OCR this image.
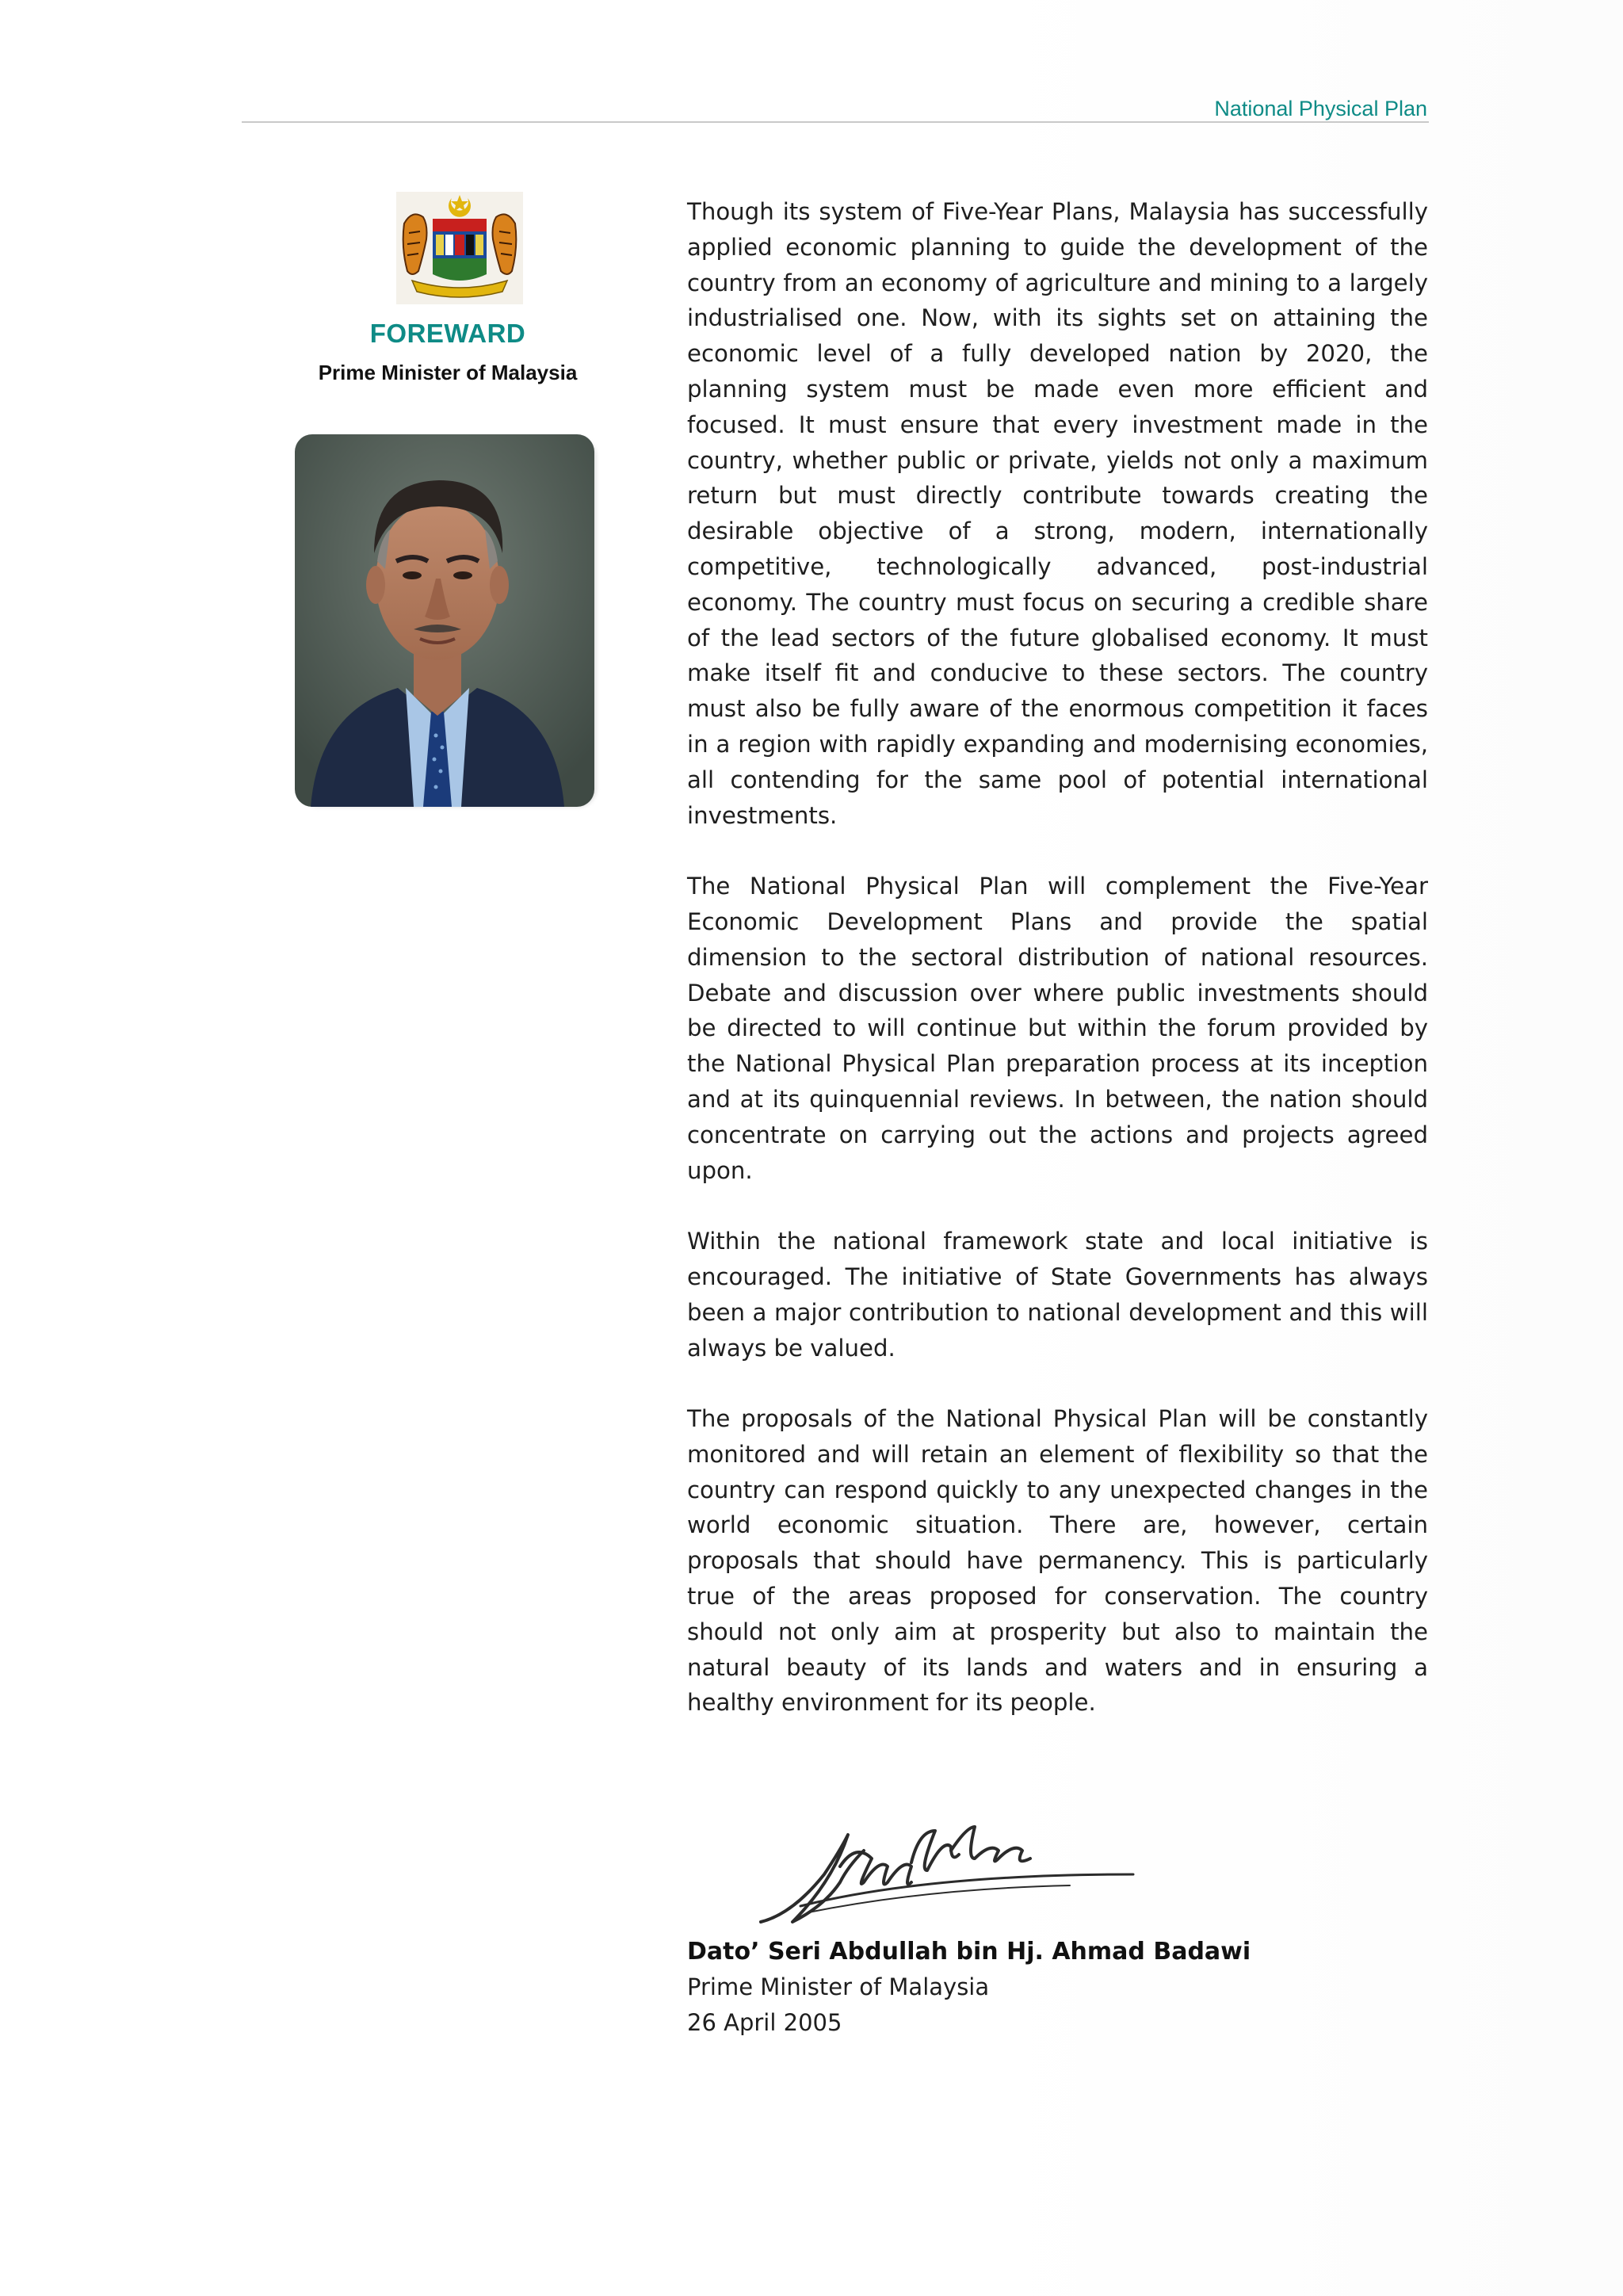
National Physical Plan
FOREWARD
Prime Minister of Malaysia

Though its system of Five-Year Plans, Malaysia has successfully applied economic planning to guide the development of the country from an economy of agriculture and mining to a largely industrialised one. Now, with its sights set on attaining the economic level of a fully developed nation by 2020, the planning system must be made even more efficient and focused. It must ensure that every investment made in the country, whether public or private, yields not only a maximum return but must directly contribute towards creating the desirable objective of a strong, modern, internationally competitive, technologically advanced, post-industrial economy. The country must focus on securing a credible share of the lead sectors of the future globalised economy. It must make itself fit and conducive to these sectors. The country must also be fully aware of the enormous competition it faces in a region with rapidly expanding and modernising economies, all contending for the same pool of potential international investments.

The National Physical Plan will complement the Five-Year Economic Development Plans and provide the spatial dimension to the sectoral distribution of national resources. Debate and discussion over where public investments should be directed to will continue but within the forum provided by the National Physical Plan preparation process at its inception and at its quinquennial reviews. In between, the nation should concentrate on carrying out the actions and projects agreed upon.

Within the national framework state and local initiative is encouraged. The initiative of State Governments has always been a major contribution to national development and this will always be valued.

The proposals of the National Physical Plan will be constantly monitored and will retain an element of flexibility so that the country can respond quickly to any unexpected changes in the world economic situation. There are, however, certain proposals that should have permanency. This is particularly true of the areas proposed for conservation. The country should not only aim at prosperity but also to maintain the natural beauty of its lands and waters and in ensuring a healthy environment for its people.

Dato’ Seri Abdullah bin Hj. Ahmad Badawi
Prime Minister of Malaysia
26 April 2005
